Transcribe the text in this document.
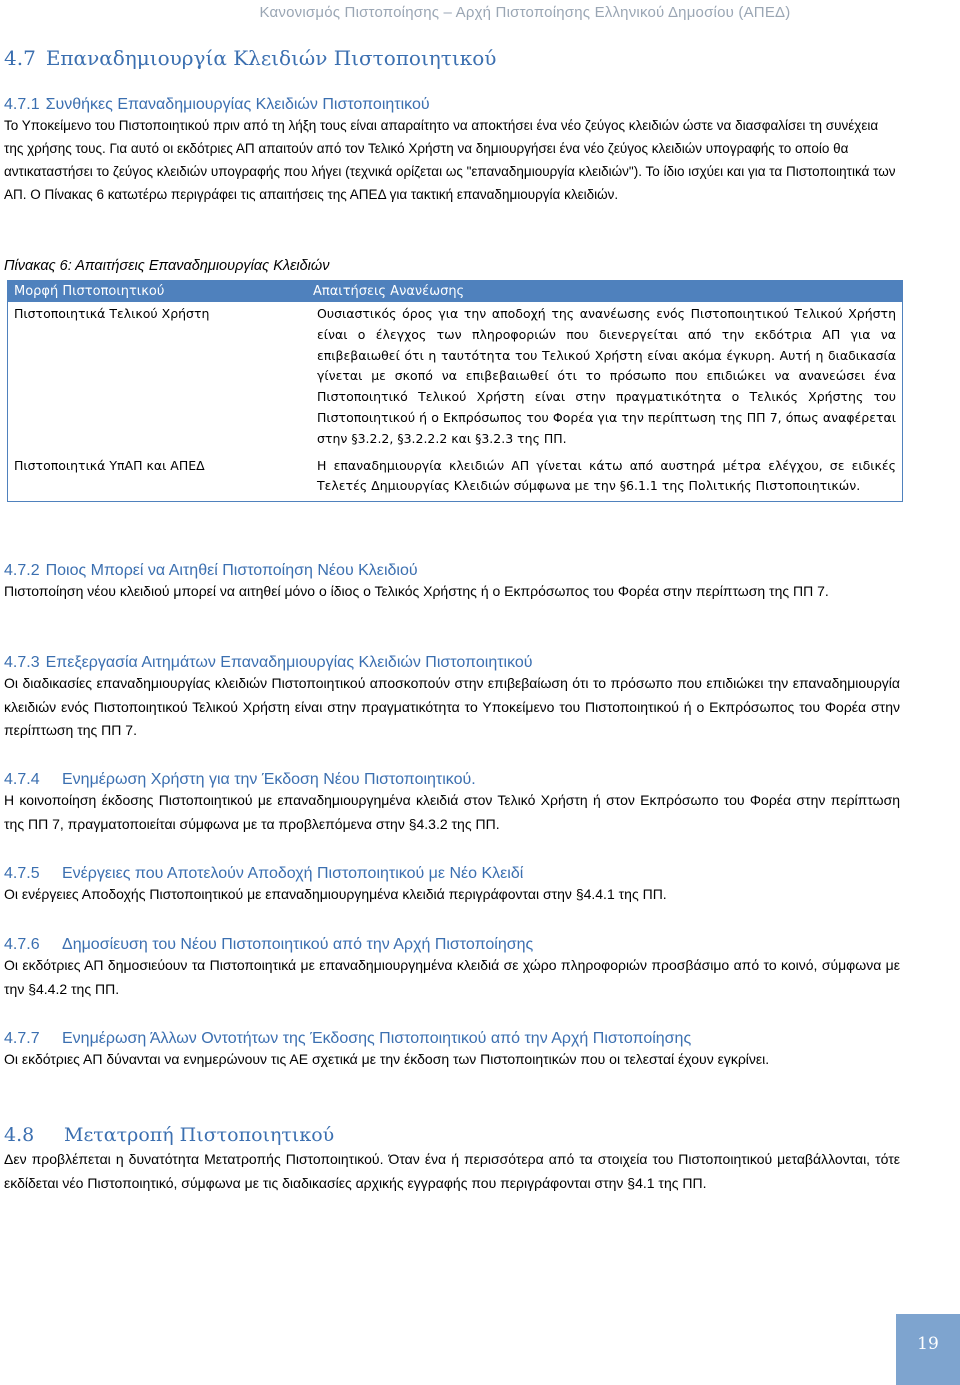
Κανονισμός Πιστοποίησης – Αρχή Πιστοποίησης Ελληνικού Δημοσίου (ΑΠΕΔ)
4.7 Επαναδημιουργία Κλειδιών Πιστοποιητικού
4.7.1 Συνθήκες Επαναδημιουργίας Κλειδιών Πιστοποιητικού
Το Υποκείμενο του Πιστοποιητικού πριν από τη λήξη τους είναι απαραίτητο να αποκτήσει ένα νέο ζεύγος κλειδιών ώστε να διασφαλίσει τη συνέχεια της χρήσης τους. Για αυτό οι εκδότριες ΑΠ απαιτούν από τον Τελικό Χρήστη να δημιουργήσει ένα νέο ζεύγος κλειδιών υπογραφής το οποίο θα αντικαταστήσει το ζεύγος κλειδιών υπογραφής που λήγει (τεχνικά ορίζεται ως "επαναδημιουργία κλειδιών"). Το ίδιο ισχύει και για τα Πιστοποιητικά των ΑΠ. Ο Πίνακας 6 κατωτέρω περιγράφει τις απαιτήσεις της ΑΠΕΔ για τακτική επαναδημιουργία κλειδιών.
Πίνακας 6: Απαιτήσεις Επαναδημιουργίας Κλειδιών
Μορφή Πιστοποιητικού	Απαιτήσεις Ανανέωσης
Πιστοποιητικά Τελικού Χρήστη	Ουσιαστικός όρος για την αποδοχή της ανανέωσης ενός Πιστοποιητικού Τελικού Χρήστη είναι ο έλεγχος των πληροφοριών που διενεργείται από την εκδότρια ΑΠ για να επιβεβαιωθεί ότι η ταυτότητα του Τελικού Χρήστη είναι ακόμα έγκυρη. Αυτή η διαδικασία γίνεται με σκοπό να επιβεβαιωθεί ότι το πρόσωπο που επιδιώκει να ανανεώσει ένα Πιστοποιητικό Τελικού Χρήστη είναι στην πραγματικότητα ο Τελικός Χρήστης του Πιστοποιητικού ή ο Εκπρόσωπος του Φορέα για την περίπτωση της ΠΠ 7, όπως αναφέρεται στην §3.2.2, §3.2.2.2 και §3.2.3 της ΠΠ.
Πιστοποιητικά ΥπΑΠ και ΑΠΕΔ	Η επαναδημιουργία κλειδιών ΑΠ γίνεται κάτω από αυστηρά μέτρα ελέγχου, σε ειδικές Τελετές Δημιουργίας Κλειδιών σύμφωνα με την §6.1.1 της Πολιτικής Πιστοποιητικών.
4.7.2 Ποιος Μπορεί να Αιτηθεί Πιστοποίηση Νέου Κλειδιού
Πιστοποίηση νέου κλειδιού μπορεί να αιτηθεί μόνο ο ίδιος ο Τελικός Χρήστης ή ο Εκπρόσωπος του Φορέα στην περίπτωση της ΠΠ 7.
4.7.3 Επεξεργασία Αιτημάτων Επαναδημιουργίας Κλειδιών Πιστοποιητικού
Οι διαδικασίες επαναδημιουργίας κλειδιών Πιστοποιητικού αποσκοπούν στην επιβεβαίωση ότι το πρόσωπο που επιδιώκει την επαναδημιουργία κλειδιών ενός Πιστοποιητικού Τελικού Χρήστη είναι στην πραγματικότητα το Υποκείμενο του Πιστοποιητικού ή ο Εκπρόσωπος του Φορέα στην περίπτωση της ΠΠ 7.
4.7.4 Ενημέρωση Χρήστη για την Έκδοση Νέου Πιστοποιητικού.
Η κοινοποίηση έκδοσης Πιστοποιητικού με επαναδημιουργημένα κλειδιά στον Τελικό Χρήστη ή στον Εκπρόσωπο του Φορέα στην περίπτωση της ΠΠ 7, πραγματοποιείται σύμφωνα με τα προβλεπόμενα στην §4.3.2 της ΠΠ.
4.7.5 Ενέργειες που Αποτελούν Αποδοχή Πιστοποιητικού με Νέο Κλειδί
Οι ενέργειες Αποδοχής Πιστοποιητικού με επαναδημιουργημένα κλειδιά περιγράφονται στην §4.4.1 της ΠΠ.
4.7.6 Δημοσίευση του Νέου Πιστοποιητικού από την Αρχή Πιστοποίησης
Οι εκδότριες ΑΠ δημοσιεύουν τα Πιστοποιητικά με επαναδημιουργημένα κλειδιά σε χώρο πληροφοριών προσβάσιμο από το κοινό, σύμφωνα με την §4.4.2 της ΠΠ.
4.7.7 Ενημέρωση Άλλων Οντοτήτων της Έκδοσης Πιστοποιητικού από την Αρχή Πιστοποίησης
Οι εκδότριες ΑΠ δύνανται να ενημερώνουν τις ΑΕ σχετικά με την έκδοση των Πιστοποιητικών που οι τελεσταί έχουν εγκρίνει.
4.8 Μετατροπή Πιστοποιητικού
Δεν προβλέπεται η δυνατότητα Μετατροπής Πιστοποιητικού. Όταν ένα ή περισσότερα από τα στοιχεία του Πιστοποιητικού μεταβάλλονται, τότε εκδίδεται νέο Πιστοποιητικό, σύμφωνα με τις διαδικασίες αρχικής εγγραφής που περιγράφονται στην §4.1 της ΠΠ.
19
